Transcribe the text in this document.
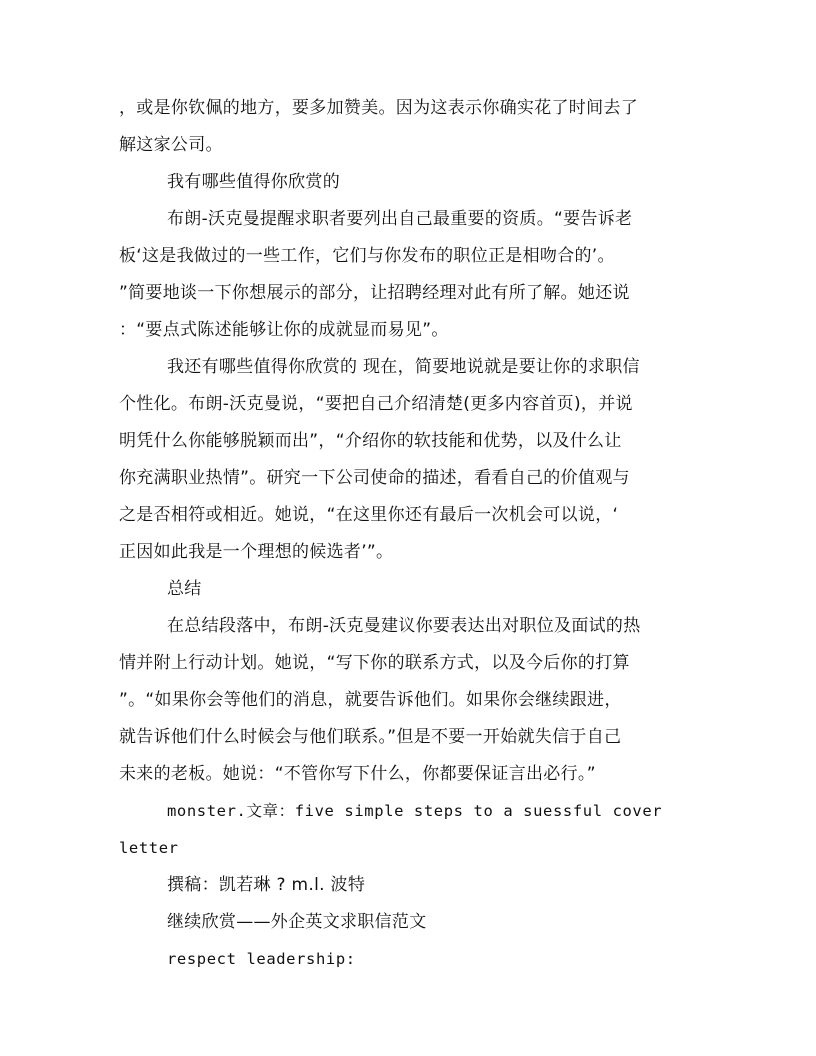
，或是你钦佩的地方，要多加赞美。因为这表示你确实花了时间去了
解这家公司。
我有哪些值得你欣赏的
布朗-沃克曼提醒求职者要列出自己最重要的资质。“要告诉老
板‘这是我做过的一些工作，它们与你发布的职位正是相吻合的’。
”简要地谈一下你想展示的部分，让招聘经理对此有所了解。她还说
：“要点式陈述能够让你的成就显而易见”。
我还有哪些值得你欣赏的 现在，简要地说就是要让你的求职信
个性化。布朗-沃克曼说，“要把自己介绍清楚(更多内容首页)，并说
明凭什么你能够脱颖而出”，“介绍你的软技能和优势，以及什么让
你充满职业热情”。研究一下公司使命的描述，看看自己的价值观与
之是否相符或相近。她说，“在这里你还有最后一次机会可以说，‘
正因如此我是一个理想的候选者’”。
总结
在总结段落中，布朗-沃克曼建议你要表达出对职位及面试的热
情并附上行动计划。她说，“写下你的联系方式，以及今后你的打算
”。“如果你会等他们的消息，就要告诉他们。如果你会继续跟进，
就告诉他们什么时候会与他们联系。”但是不要一开始就失信于自己
未来的老板。她说：“不管你写下什么，你都要保证言出必行。”
monster.文章：five simple steps to a suessful cover
letter
撰稿：凯若琳 ? m.l. 波特
继续欣赏——外企英文求职信范文
respect leadership:
